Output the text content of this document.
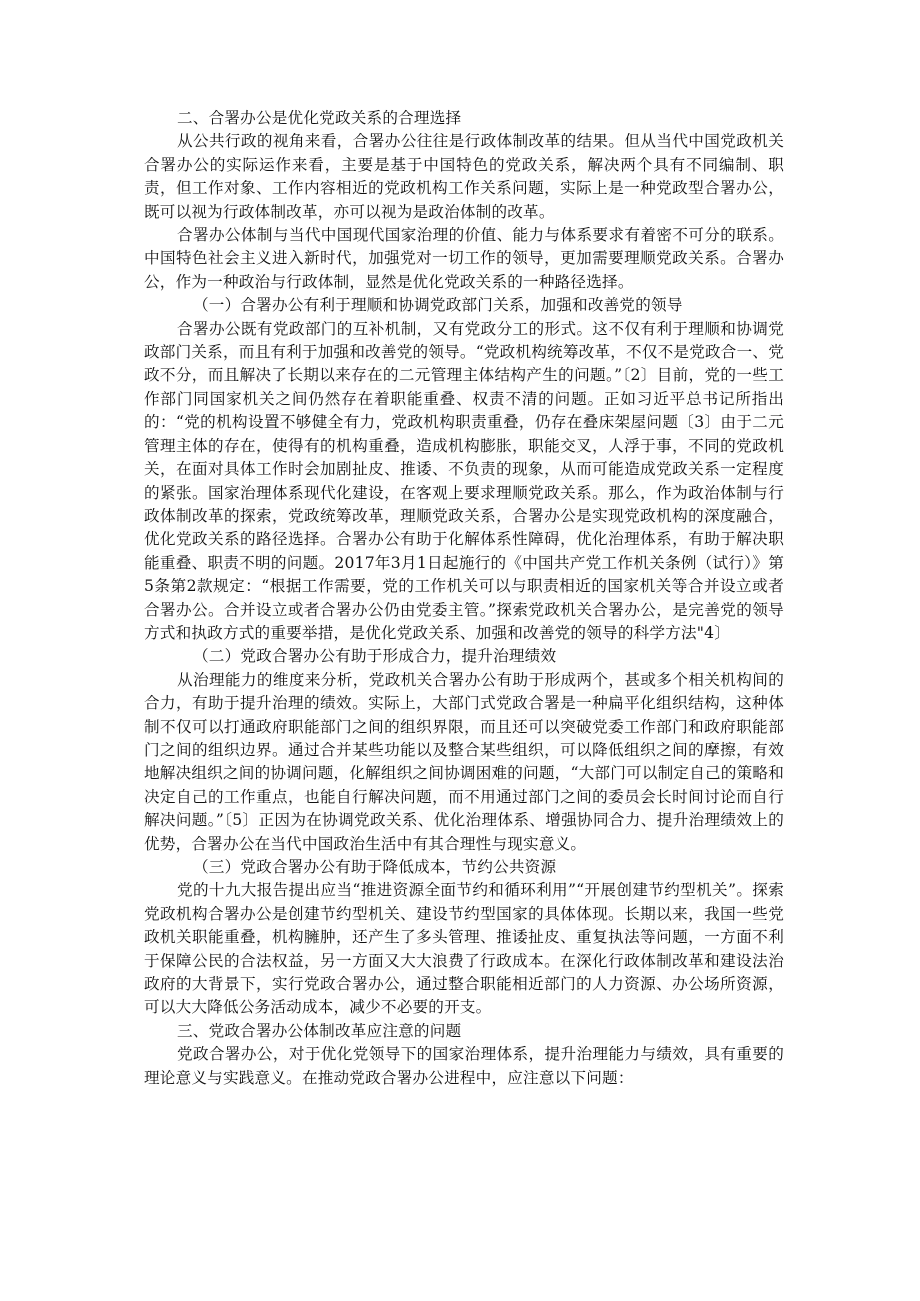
二、合署办公是优化党政关系的合理选择

从公共行政的视角来看，合署办公往往是行政体制改革的结果。但从当代中国党政机关合署办公的实际运作来看，主要是基于中国特色的党政关系，解决两个具有不同编制、职责，但工作对象、工作内容相近的党政机构工作关系问题，实际上是一种党政型合署办公，既可以视为行政体制改革，亦可以视为是政治体制的改革。

合署办公体制与当代中国现代国家治理的价值、能力与体系要求有着密不可分的联系。中国特色社会主义进入新时代，加强党对一切工作的领导，更加需要理顺党政关系。合署办公，作为一种政治与行政体制，显然是优化党政关系的一种路径选择。

（一）合署办公有利于理顺和协调党政部门关系，加强和改善党的领导

合署办公既有党政部门的互补机制，又有党政分工的形式。这不仅有利于理顺和协调党政部门关系，而且有利于加强和改善党的领导。“党政机构统筹改革，不仅不是党政合一、党政不分，而且解决了长期以来存在的二元管理主体结构产生的问题。”〔2〕目前，党的一些工作部门同国家机关之间仍然存在着职能重叠、权责不清的问题。正如习近平总书记所指出的：“党的机构设置不够健全有力，党政机构职责重叠，仍存在叠床架屋问题〔3〕由于二元管理主体的存在，使得有的机构重叠，造成机构膨胀，职能交叉，人浮于事，不同的党政机关，在面对具体工作时会加剧扯皮、推诿、不负责的现象，从而可能造成党政关系一定程度的紧张。国家治理体系现代化建设，在客观上要求理顺党政关系。那么，作为政治体制与行政体制改革的探索，党政统筹改革，理顺党政关系，合署办公是实现党政机构的深度融合，优化党政关系的路径选择。合署办公有助于化解体系性障碍，优化治理体系，有助于解决职能重叠、职责不明的问题。2017年3月1日起施行的《中国共产党工作机关条例（试行）》第5条第2款规定：“根据工作需要，党的工作机关可以与职责相近的国家机关等合并设立或者合署办公。合并设立或者合署办公仍由党委主管。”探索党政机关合署办公，是完善党的领导方式和执政方式的重要举措，是优化党政关系、加强和改善党的领导的科学方法"4〕

（二）党政合署办公有助于形成合力，提升治理绩效

从治理能力的维度来分析，党政机关合署办公有助于形成两个，甚或多个相关机构间的合力，有助于提升治理的绩效。实际上，大部门式党政合署是一种扁平化组织结构，这种体制不仅可以打通政府职能部门之间的组织界限，而且还可以突破党委工作部门和政府职能部门之间的组织边界。通过合并某些功能以及整合某些组织，可以降低组织之间的摩擦，有效地解决组织之间的协调问题，化解组织之间协调困难的问题，“大部门可以制定自己的策略和决定自己的工作重点，也能自行解决问题，而不用通过部门之间的委员会长时间讨论而自行解决问题。”〔5〕正因为在协调党政关系、优化治理体系、增强协同合力、提升治理绩效上的优势，合署办公在当代中国政治生活中有其合理性与现实意义。

（三）党政合署办公有助于降低成本，节约公共资源

党的十九大报告提出应当“推进资源全面节约和循环利用”“开展创建节约型机关”。探索党政机构合署办公是创建节约型机关、建设节约型国家的具体体现。长期以来，我国一些党政机关职能重叠，机构臃肿，还产生了多头管理、推诿扯皮、重复执法等问题，一方面不利于保障公民的合法权益，另一方面又大大浪费了行政成本。在深化行政体制改革和建设法治政府的大背景下，实行党政合署办公，通过整合职能相近部门的人力资源、办公场所资源，可以大大降低公务活动成本，减少不必要的开支。

三、党政合署办公体制改革应注意的问题

党政合署办公，对于优化党领导下的国家治理体系，提升治理能力与绩效，具有重要的理论意义与实践意义。在推动党政合署办公进程中，应注意以下问题：
